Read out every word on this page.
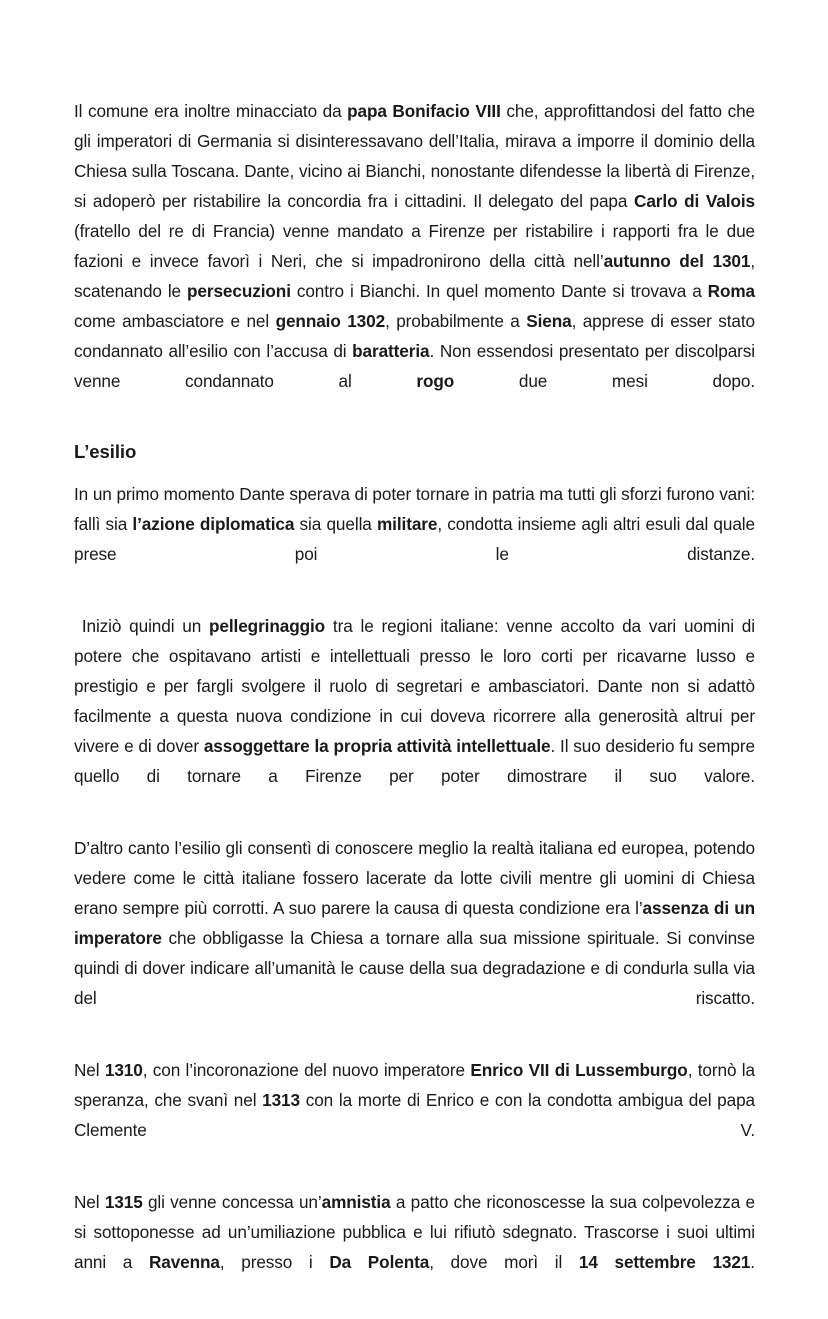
Il comune era inoltre minacciato da papa Bonifacio VIII che, approfittandosi del fatto che gli imperatori di Germania si disinteressavano dell’Italia, mirava a imporre il dominio della Chiesa sulla Toscana. Dante, vicino ai Bianchi, nonostante difendesse la libertà di Firenze, si adoperò per ristabilire la concordia fra i cittadini. Il delegato del papa Carlo di Valois (fratello del re di Francia) venne mandato a Firenze per ristabilire i rapporti fra le due fazioni e invece favorì i Neri, che si impadronirono della città nell’autunno del 1301, scatenando le persecuzioni contro i Bianchi. In quel momento Dante si trovava a Roma come ambasciatore e nel gennaio 1302, probabilmente a Siena, apprese di esser stato condannato all’esilio con l’accusa di baratteria. Non essendosi presentato per discolparsi venne condannato al rogo due mesi dopo.

L’esilio

In un primo momento Dante sperava di poter tornare in patria ma tutti gli sforzi furono vani: fallì sia l’azione diplomatica sia quella militare, condotta insieme agli altri esuli dal quale prese poi le distanze.

Iniziò quindi un pellegrinaggio tra le regioni italiane: venne accolto da vari uomini di potere che ospitavano artisti e intellettuali presso le loro corti per ricavarne lusso e prestigio e per fargli svolgere il ruolo di segretari e ambasciatori. Dante non si adattò facilmente a questa nuova condizione in cui doveva ricorrere alla generosità altrui per vivere e di dover assoggettare la propria attività intellettuale. Il suo desiderio fu sempre quello di tornare a Firenze per poter dimostrare il suo valore.

D’altro canto l’esilio gli consentì di conoscere meglio la realtà italiana ed europea, potendo vedere come le città italiane fossero lacerate da lotte civili mentre gli uomini di Chiesa erano sempre più corrotti. A suo parere la causa di questa condizione era l’assenza di un imperatore che obbligasse la Chiesa a tornare alla sua missione spirituale. Si convinse quindi di dover indicare all’umanità le cause della sua degradazione e di condurla sulla via del riscatto.

Nel 1310, con l’incoronazione del nuovo imperatore Enrico VII di Lussemburgo, tornò la speranza, che svanì nel 1313 con la morte di Enrico e con la condotta ambigua del papa Clemente V.

Nel 1315 gli venne concessa un’amnistia a patto che riconoscesse la sua colpevolezza e si sottoponesse ad un’umiliazione pubblica e lui rifiutò sdegnato. Trascorse i suoi ultimi anni a Ravenna, presso i Da Polenta, dove morì il 14 settembre 1321.
